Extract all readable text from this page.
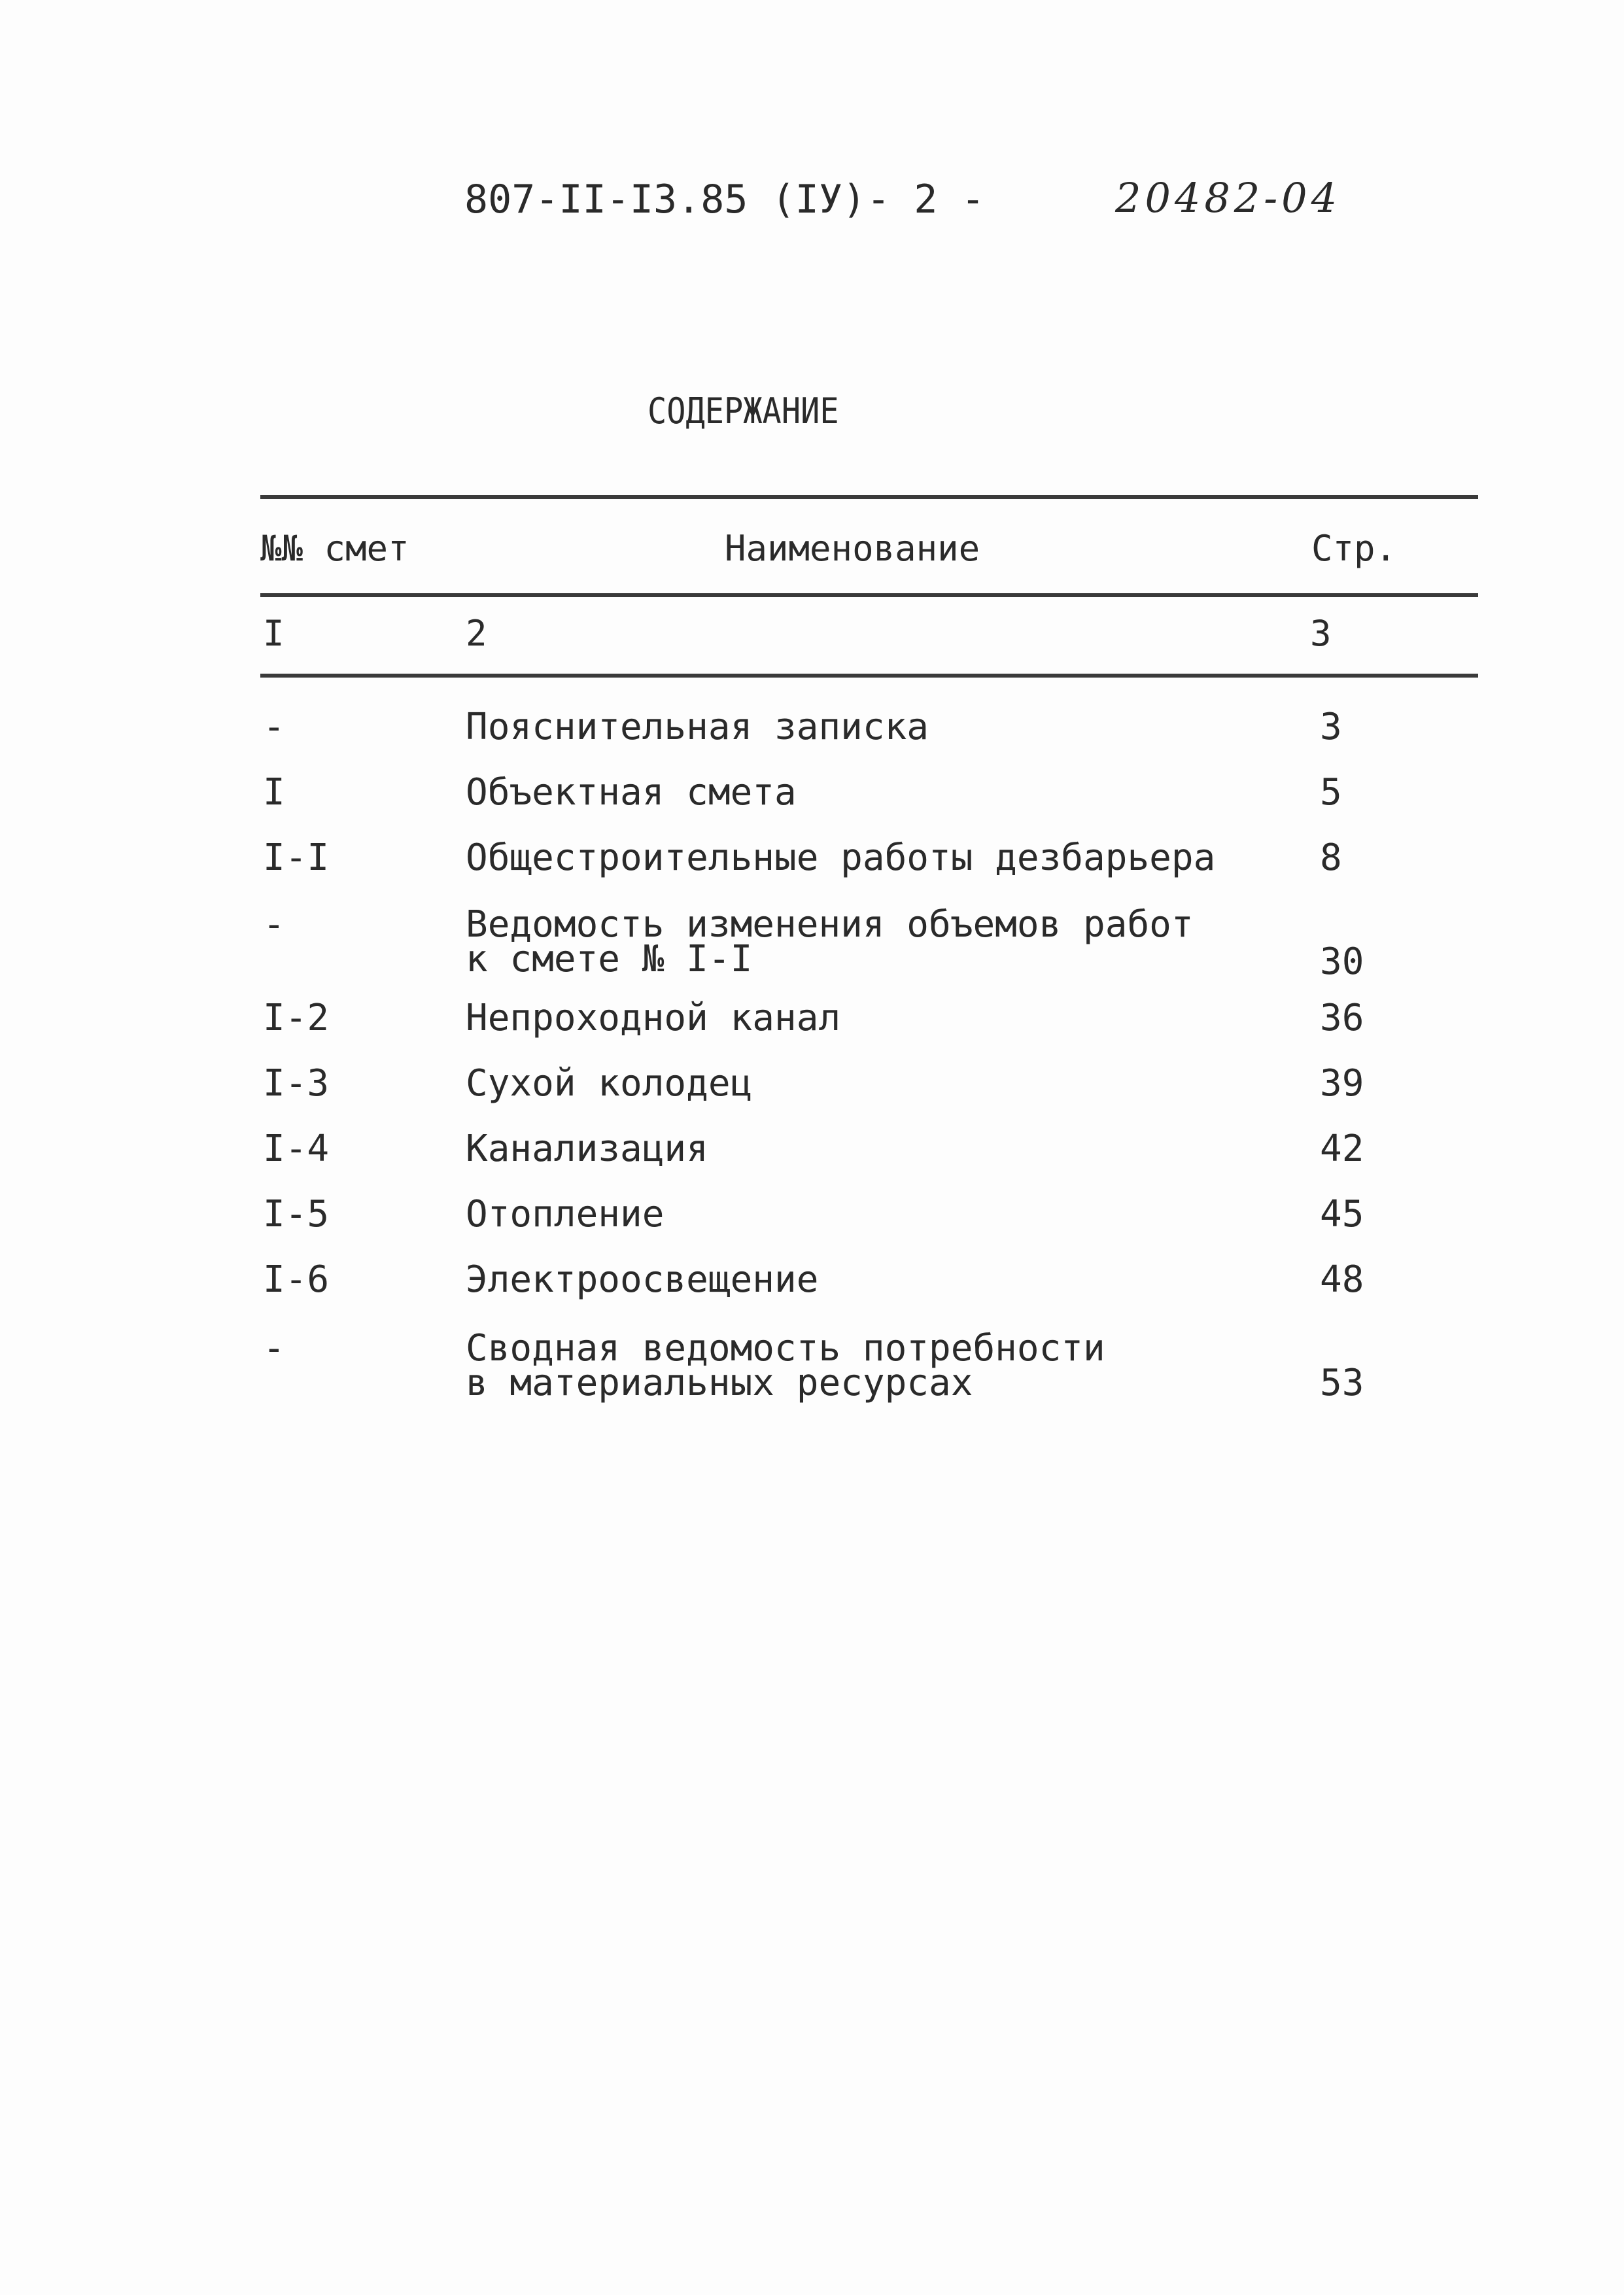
807-II-I3.85 (IУ) - 2 -	20482-04
СОДЕРЖАНИЕ
№№ смет	Наименование	Стр.
I	2	3
-	Пояснительная записка	3
I	Объектная смета	5
I-I	Общестроительные работы дезбарьера	8
-	Ведомость изменения объемов работ
к смете № I-I	30
I-2	Непроходной канал	36
I-3	Сухой колодец	39
I-4	Канализация	42
I-5	Отопление	45
I-6	Электроосвещение	48
-	Сводная ведомость потребности
в материальных ресурсах	53
